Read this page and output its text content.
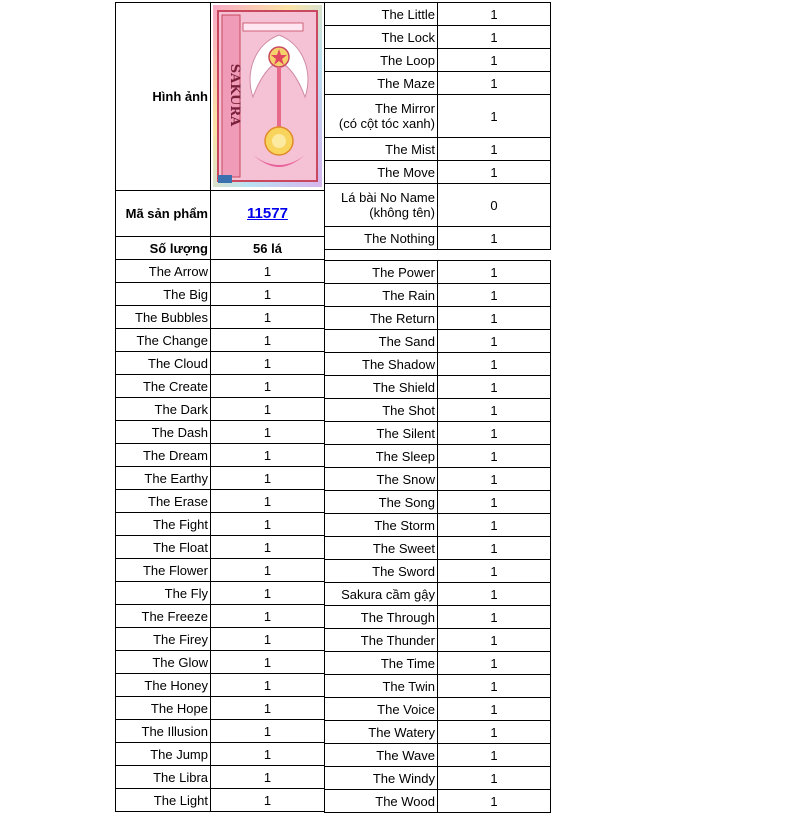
Hình ảnh	SAKURA

Mã sản phẩm	11577
Số lượng	56 lá
The Arrow	1
The Big	1
The Bubbles	1
The Change	1
The Cloud	1
The Create	1
The Dark	1
The Dash	1
The Dream	1
The Earthy	1
The Erase	1
The Fight	1
The Float	1
The Flower	1
The Fly	1
The Freeze	1
The Firey	1
The Glow	1
The Honey	1
The Hope	1
The Illusion	1
The Jump	1
The Libra	1
The Light	1
The Little	1
The Lock	1
The Loop	1
The Maze	1
The Mirror
(có cột tóc xanh)	1
The Mist	1
The Move	1
Lá bài No Name
(không tên)	0
The Nothing	1
The Power	1
The Rain	1
The Return	1
The Sand	1
The Shadow	1
The Shield	1
The Shot	1
The Silent	1
The Sleep	1
The Snow	1
The Song	1
The Storm	1
The Sweet	1
The Sword	1
Sakura cầm gậy	1
The Through	1
The Thunder	1
The Time	1
The Twin	1
The Voice	1
The Watery	1
The Wave	1
The Windy	1
The Wood	1
